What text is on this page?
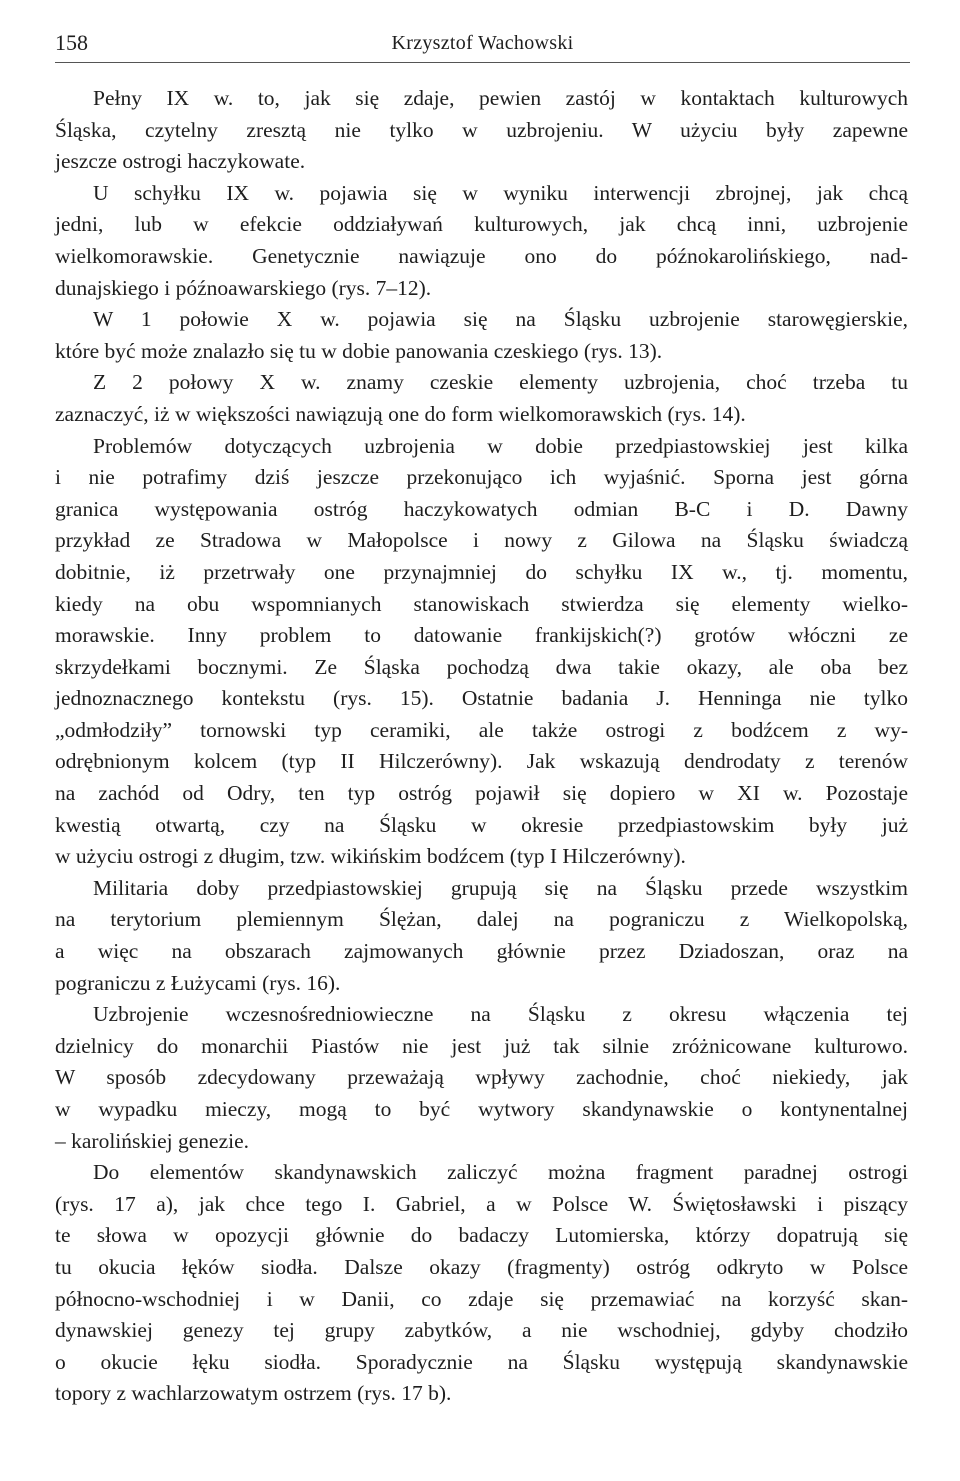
158	Krzysztof Wachowski
Pełny IX w. to, jak się zdaje, pewien zastój w kontaktach kulturowych
Śląska, czytelny zresztą nie tylko w uzbrojeniu. W użyciu były zapewne
jeszcze ostrogi haczykowate.
U schyłku IX w. pojawia się w wyniku interwencji zbrojnej, jak chcą
jedni, lub w efekcie oddziaływań kulturowych, jak chcą inni, uzbrojenie
wielkomorawskie. Genetycznie nawiązuje ono do późnokarolińskiego, nad-
dunajskiego i późnoawarskiego (rys. 7–12).
W 1 połowie X w. pojawia się na Śląsku uzbrojenie starowęgierskie,
które być może znalazło się tu w dobie panowania czeskiego (rys. 13).
Z 2 połowy X w. znamy czeskie elementy uzbrojenia, choć trzeba tu
zaznaczyć, iż w większości nawiązują one do form wielkomorawskich (rys. 14).
Problemów dotyczących uzbrojenia w dobie przedpiastowskiej jest kilka
i nie potrafimy dziś jeszcze przekonująco ich wyjaśnić. Sporna jest górna
granica występowania ostróg haczykowatych odmian B-C i D. Dawny
przykład ze Stradowa w Małopolsce i nowy z Gilowa na Śląsku świadczą
dobitnie, iż przetrwały one przynajmniej do schyłku IX w., tj. momentu,
kiedy na obu wspomnianych stanowiskach stwierdza się elementy wielko-
morawskie. Inny problem to datowanie frankijskich(?) grotów włóczni ze
skrzydełkami bocznymi. Ze Śląska pochodzą dwa takie okazy, ale oba bez
jednoznacznego kontekstu (rys. 15). Ostatnie badania J. Henninga nie tylko
„odmłodziły” tornowski typ ceramiki, ale także ostrogi z bodźcem z wy-
odrębnionym kolcem (typ II Hilczerówny). Jak wskazują dendrodaty z terenów
na zachód od Odry, ten typ ostróg pojawił się dopiero w XI w. Pozostaje
kwestią otwartą, czy na Śląsku w okresie przedpiastowskim były już
w użyciu ostrogi z długim, tzw. wikińskim bodźcem (typ I Hilczerówny).
Militaria doby przedpiastowskiej grupują się na Śląsku przede wszystkim
na terytorium plemiennym Ślężan, dalej na pograniczu z Wielkopolską,
a więc na obszarach zajmowanych głównie przez Dziadoszan, oraz na
pograniczu z Łużycami (rys. 16).
Uzbrojenie wczesnośredniowieczne na Śląsku z okresu włączenia tej
dzielnicy do monarchii Piastów nie jest już tak silnie zróżnicowane kulturowo.
W sposób zdecydowany przeważają wpływy zachodnie, choć niekiedy, jak
w wypadku mieczy, mogą to być wytwory skandynawskie o kontynentalnej
– karolińskiej genezie.
Do elementów skandynawskich zaliczyć można fragment paradnej ostrogi
(rys. 17 a), jak chce tego I. Gabriel, a w Polsce W. Świętosławski i piszący
te słowa w opozycji głównie do badaczy Lutomierska, którzy dopatrują się
tu okucia łęków siodła. Dalsze okazy (fragmenty) ostróg odkryto w Polsce
północno-wschodniej i w Danii, co zdaje się przemawiać na korzyść skan-
dynawskiej genezy tej grupy zabytków, a nie wschodniej, gdyby chodziło
o okucie łęku siodła. Sporadycznie na Śląsku występują skandynawskie
topory z wachlarzowatym ostrzem (rys. 17 b).
